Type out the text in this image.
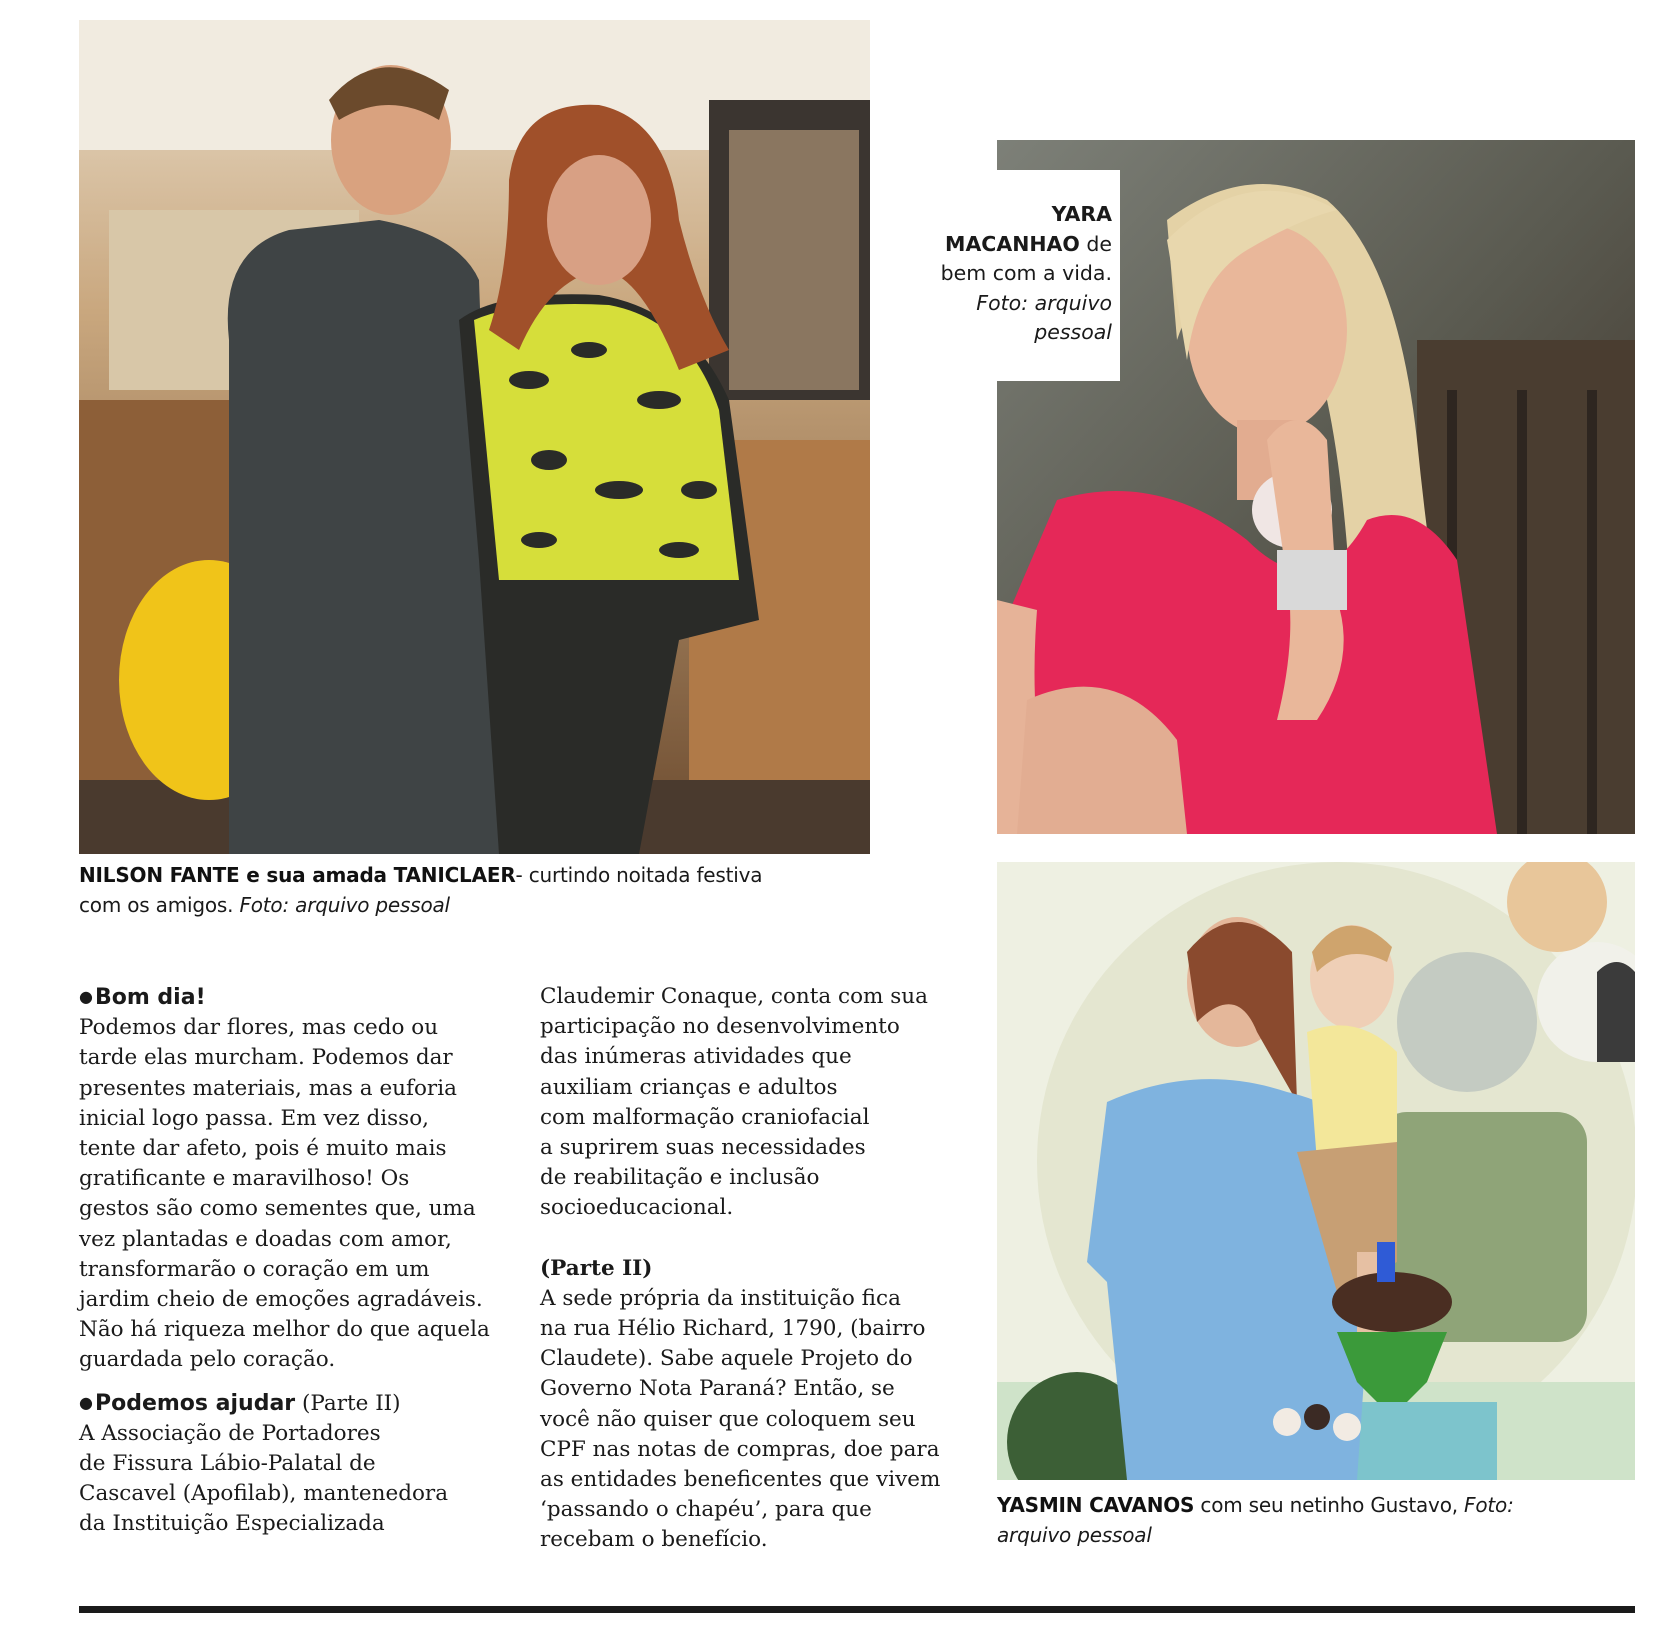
NILSON FANTE e sua amada TANICLAER- curtindo noitada festiva
com os amigos. Foto: arquivo pessoal
YARA
MACANHAO de
bem com a vida.
Foto: arquivo
pessoal
YASMIN CAVANOS com seu netinho Gustavo, Foto:
arquivo pessoal

●Bom dia!

Podemos dar flores, mas cedo ou

tarde elas murcham. Podemos dar

presentes materiais, mas a euforia

inicial logo passa. Em vez disso,

tente dar afeto, pois é muito mais

gratificante e maravilhoso! Os

gestos são como sementes que, uma

vez plantadas e doadas com amor,

transformarão o coração em um

jardim cheio de emoções agradáveis.

Não há riqueza melhor do que aquela

guardada pelo coração.

●Podemos ajudar (Parte II)

A Associação de Portadores

de Fissura Lábio-Palatal de

Cascavel (Apofilab), mantenedora

da Instituição Especializada

Claudemir Conaque, conta com sua

participação no desenvolvimento

das inúmeras atividades que

auxiliam crianças e adultos

com malformação craniofacial

a suprirem suas necessidades

de reabilitação e inclusão

socioeducacional.

(Parte II)

A sede própria da instituição fica

na rua Hélio Richard, 1790, (bairro

Claudete). Sabe aquele Projeto do

Governo Nota Paraná? Então, se

você não quiser que coloquem seu

CPF nas notas de compras, doe para

as entidades beneficentes que vivem

‘passando o chapéu’, para que

recebam o benefício.
